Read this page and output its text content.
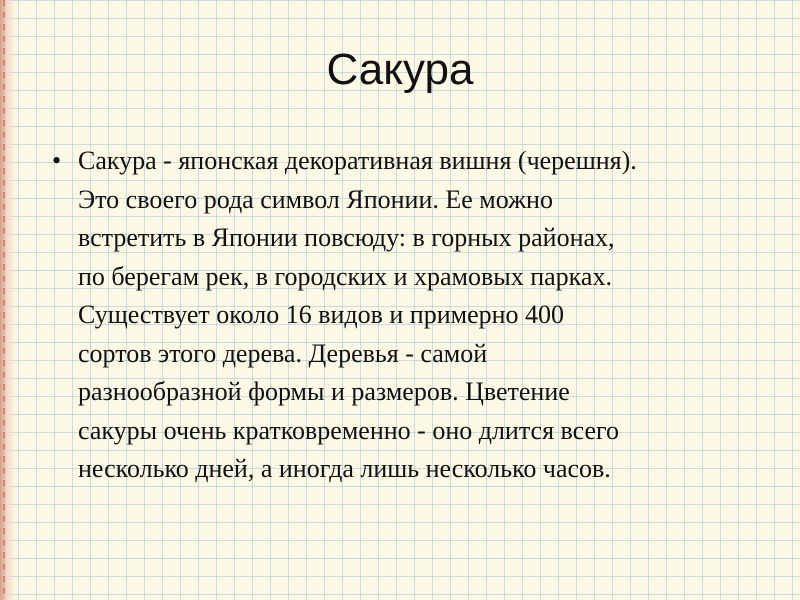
Сакура
• Сакура - японская декоративная вишня (черешня).
Это своего рода символ Японии. Ее можно
встретить в Японии повсюду: в горных районах,
по берегам рек, в городских и храмовых парках.
Существует около 16 видов и примерно 400
сортов этого дерева. Деревья - самой
разнообразной формы и размеров. Цветение
сакуры очень кратковременно - оно длится всего
несколько дней, а иногда лишь несколько часов.
